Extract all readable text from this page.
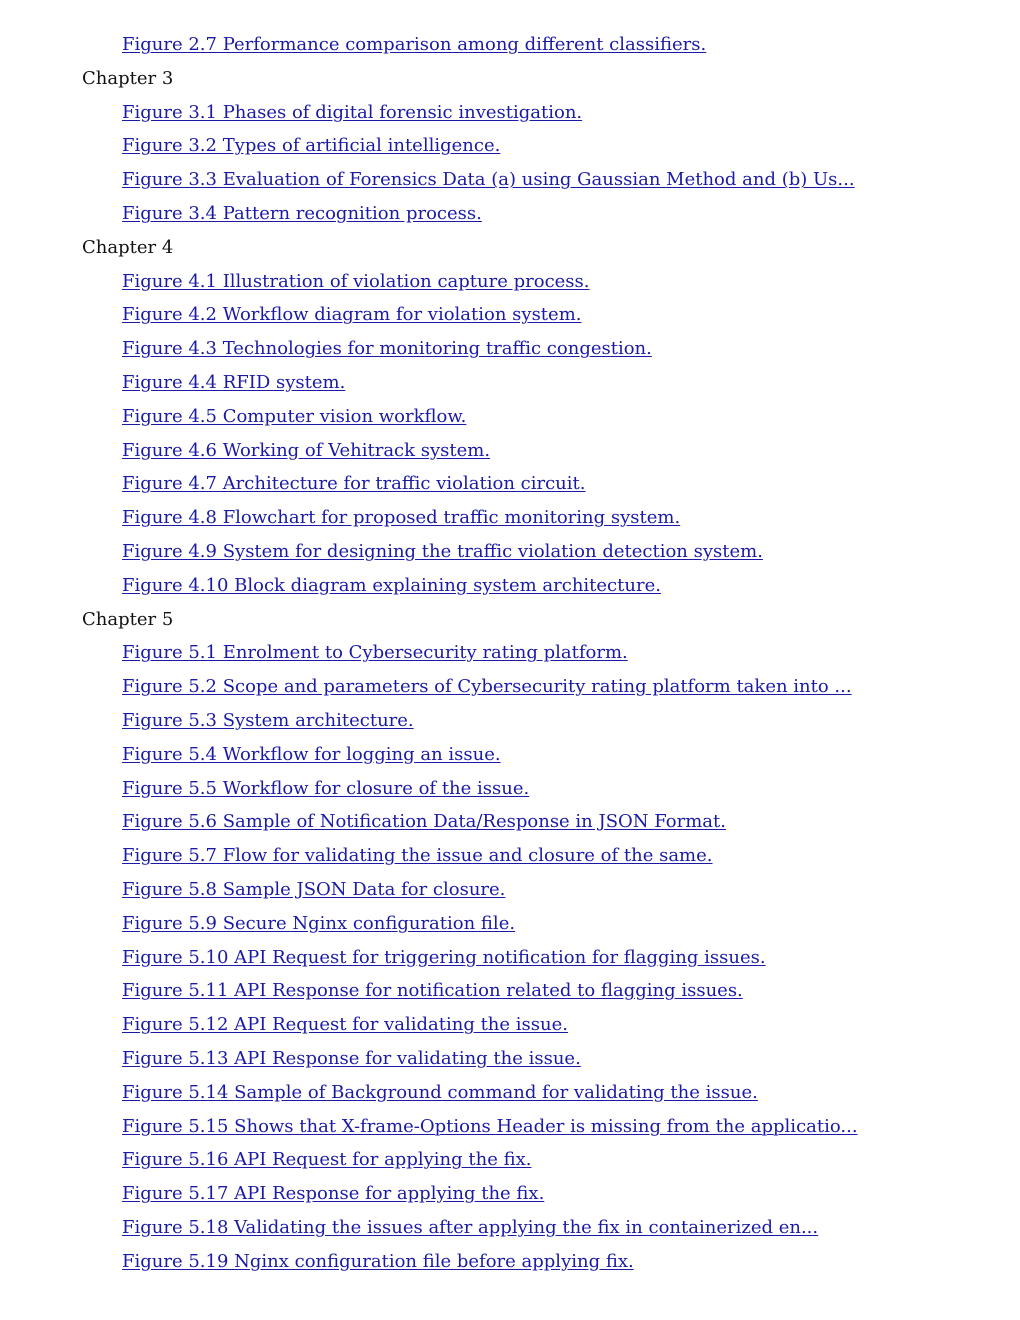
Figure 2.7 Performance comparison among different classifiers.
Chapter 3
Figure 3.1 Phases of digital forensic investigation.
Figure 3.2 Types of artificial intelligence.
Figure 3.3 Evaluation of Forensics Data (a) using Gaussian Method and (b) Us...
Figure 3.4 Pattern recognition process.
Chapter 4
Figure 4.1 Illustration of violation capture process.
Figure 4.2 Workflow diagram for violation system.
Figure 4.3 Technologies for monitoring traffic congestion.
Figure 4.4 RFID system.
Figure 4.5 Computer vision workflow.
Figure 4.6 Working of Vehitrack system.
Figure 4.7 Architecture for traffic violation circuit.
Figure 4.8 Flowchart for proposed traffic monitoring system.
Figure 4.9 System for designing the traffic violation detection system.
Figure 4.10 Block diagram explaining system architecture.
Chapter 5
Figure 5.1 Enrolment to Cybersecurity rating platform.
Figure 5.2 Scope and parameters of Cybersecurity rating platform taken into ...
Figure 5.3 System architecture.
Figure 5.4 Workflow for logging an issue.
Figure 5.5 Workflow for closure of the issue.
Figure 5.6 Sample of Notification Data/Response in JSON Format.
Figure 5.7 Flow for validating the issue and closure of the same.
Figure 5.8 Sample JSON Data for closure.
Figure 5.9 Secure Nginx configuration file.
Figure 5.10 API Request for triggering notification for flagging issues.
Figure 5.11 API Response for notification related to flagging issues.
Figure 5.12 API Request for validating the issue.
Figure 5.13 API Response for validating the issue.
Figure 5.14 Sample of Background command for validating the issue.
Figure 5.15 Shows that X-frame-Options Header is missing from the applicatio...
Figure 5.16 API Request for applying the fix.
Figure 5.17 API Response for applying the fix.
Figure 5.18 Validating the issues after applying the fix in containerized en...
Figure 5.19 Nginx configuration file before applying fix.
